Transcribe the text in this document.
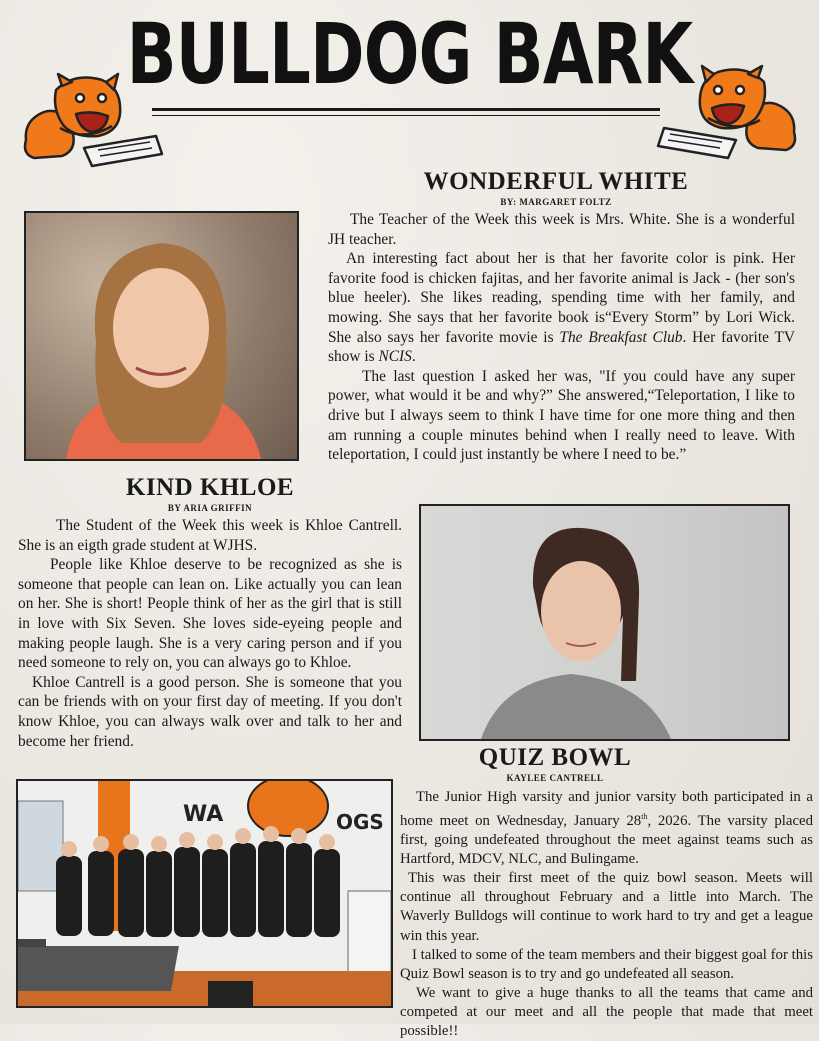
BULLDOG BARK
WONDERFUL WHITE
BY: MARGARET FOLTZ

The Teacher of the Week this week is Mrs. White. She is a wonderful JH teacher.

An interesting fact about her is that her favorite color is pink. Her favorite food is chicken fajitas, and her favorite animal is Jack - (her son's blue heeler). She likes reading, spending time with her family, and mowing. She says that her favorite book is“Every Storm” by Lori Wick. She also says her favorite movie is The Breakfast Club. Her favorite TV show is NCIS.

The last question I asked her was, "If you could have any super power, what would it be and why?” She answered,“Teleportation, I like to drive but I always seem to think I have time for one more thing and then am running a couple minutes behind when I really need to leave. With teleportation, I could just instantly be where I need to be.”

KIND KHLOE
BY ARIA GRIFFIN

The Student of the Week this week is Khloe Cantrell. She is an eigth grade student at WJHS.

People like Khloe deserve to be recognized as she is someone that people can lean on. Like actually you can lean on her. She is short! People think of her as the girl that is still in love with Six Seven. She loves side-eyeing people and making people laugh. She is a very caring person and if you need someone to rely on, you can always go to Khloe.

Khloe Cantrell is a good person. She is someone that you can be friends with on your first day of meeting. If you don't know Khloe, you can always walk over and talk to her and become her friend.

QUIZ BOWL
KAYLEE CANTRELL

The Junior High varsity and junior varsity both participated in a home meet on Wednesday, January 28th, 2026. The varsity placed first, going undefeated throughout the meet against teams such as Hartford, MDCV, NLC, and Bulingame.

This was their first meet of the quiz bowl season. Meets will continue all throughout February and a little into March. The Waverly Bulldogs will continue to work hard to try and get a league win this year.

I talked to some of the team members and their biggest goal for this Quiz Bowl season is to try and go undefeated all season.

We want to give a huge thanks to all the teams that came and competed at our meet and all the people that made that meet possible!!

WA	OGS
